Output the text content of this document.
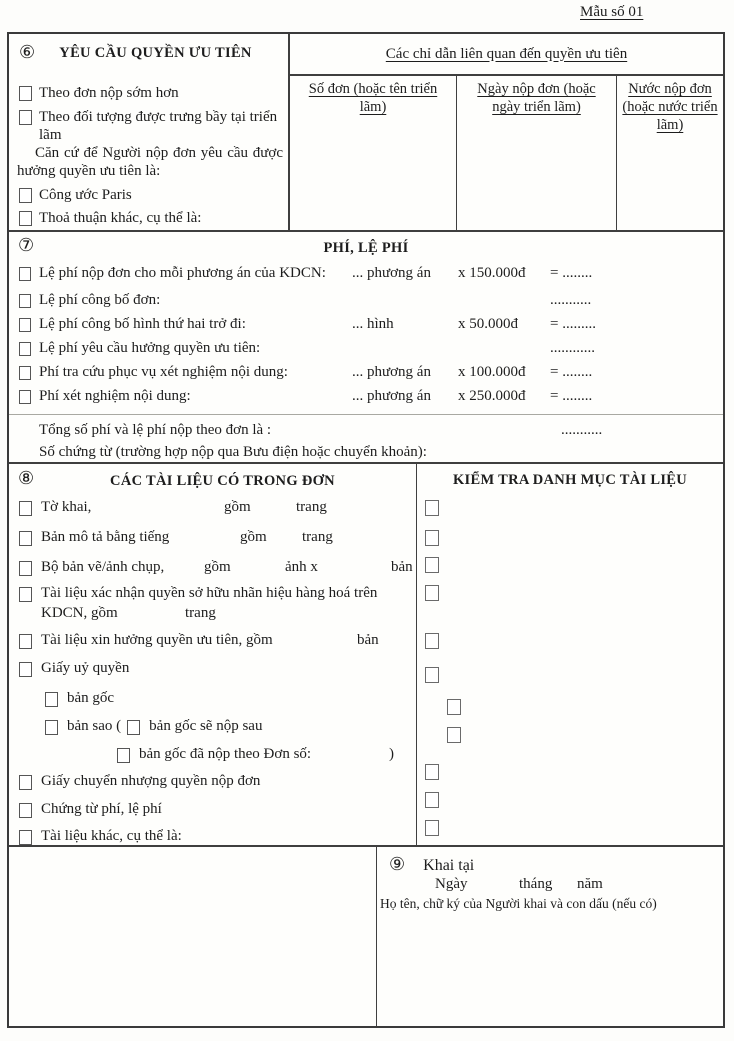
Mẫu số 01
⑥	YÊU CẦU QUYỀN ƯU TIÊN
Theo đơn nộp sớm hơn
Theo đối tượng được trưng bầy tại triển lãm

Căn cứ để Người nộp đơn yêu cầu được hưởng quyền ưu tiên là:

Công ước Paris
Thoả thuận khác, cụ thể là:
Các chỉ dẫn liên quan đến quyền ưu tiên
Số đơn (hoặc tên triển lãm)
Ngày nộp đơn (hoặc ngày triển lãm)
Nước nộp đơn (hoặc nước triển lãm)
⑦	PHÍ, LỆ PHÍ
Lệ phí nộp đơn cho mỗi phương án của KDCN:	... phương án	x 150.000đ	= ........
Lệ phí công bố đơn:	...........
Lệ phí công bố hình thứ hai trở đi:	... hình	x 50.000đ	= .........
Lệ phí yêu cầu hưởng quyền ưu tiên:	............
Phí tra cứu phục vụ xét nghiệm nội dung:	... phương án	x 100.000đ	= ........
Phí xét nghiệm nội dung:	... phương án	x 250.000đ	= ........
Tổng số phí và lệ phí nộp theo đơn là :	...........
Số chứng từ (trường hợp nộp qua Bưu điện hoặc chuyển khoản):
⑧	CÁC TÀI LIỆU CÓ TRONG ĐƠN
Tờ khai,	gồm	trang
Bản mô tả bằng tiếng	gồm trang
Bộ bản vẽ/ảnh chụp,	gồm	ảnh x	bản
Tài liệu xác nhận quyền sở hữu nhãn hiệu hàng hoá trên
KDCN, gồm	trang
Tài liệu xin hưởng quyền ưu tiên, gồm	bản
Giấy uỷ quyền
bản gốc
bản sao ( bản gốc sẽ nộp sau
bản gốc đã nộp theo Đơn số:	)
Giấy chuyển nhượng quyền nộp đơn
Chứng từ phí, lệ phí
Tài liệu khác, cụ thể là:
KIỂM TRA DANH MỤC TÀI LIỆU
⑨ Khai tại
Ngày	tháng năm
Họ tên, chữ ký của Người khai và con dấu (nếu có)
